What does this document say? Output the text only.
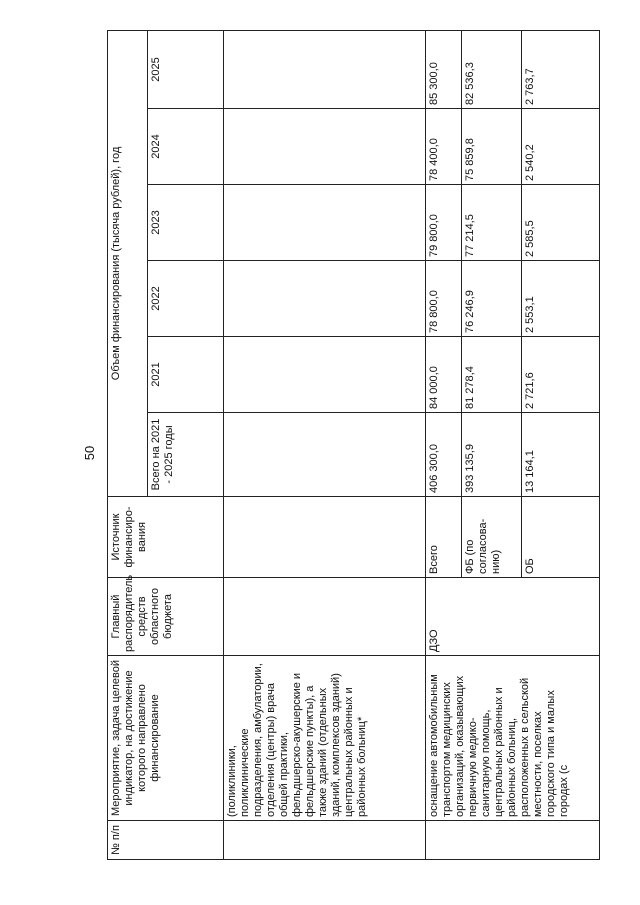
50
№ п/п	Мероприятие, задача целевой индикатор, на достижение которого направлено финансирование	Главный распорядитель средств областного бюджета	Источник финансиро-вания	Объем финансирования (тысяча рублей), год					
				Всего на 2021 - 2025 годы	2021	2022	2023	2024	2025
	(поликлиники, поликлинические подразделения, амбулатории, отделения (центры) врача общей практики, фельдшерско-акушерские и фельдшерские пункты), а также зданий (отдельных зданий, комплексов зданий) центральных районных и районных больниц*								
	оснащение автомобильным транспортом медицинских организаций, оказывающих первичную медико-санитарную помощь, центральных районных и районных больниц, расположенных в сельской местности, поселках городского типа и малых городах (с	ДЗО	Всего	406 300,0	84 000,0	78 800,0	79 800,0	78 400,0	85 300,0
			ФБ (по согласова-нию)	393 135,9	81 278,4	76 246,9	77 214,5	75 859,8	82 536,3
			ОБ	13 164,1	2 721,6	2 553,1	2 585,5	2 540,2	2 763,7
